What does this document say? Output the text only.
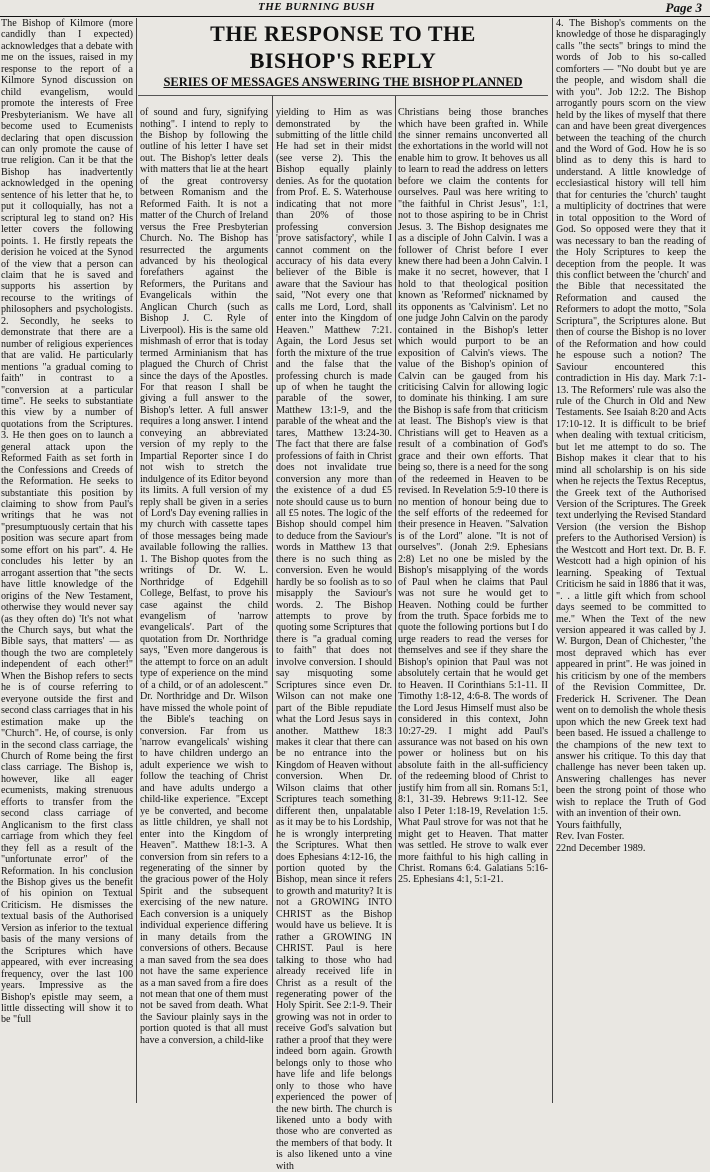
THE BURNING BUSH	Page 3

The Bishop of Kilmore (more candidly than I expected) acknowledges that a debate with me on the issues, raised in my response to the report of a Kilmore Synod discussion on child evangelism, would promote the interests of Free Presbyterianism. We have all become used to Ecumenists declaring that open discussion can only promote the cause of true religion. Can it be that the Bishop has inadvertently acknowledged in the opening sentence of his letter that he, to put it colloquially, has not a scriptural leg to stand on? His letter covers the following points. 1. He firstly repeats the derision he voiced at the Synod of the view that a person can claim that he is saved and supports his assertion by recourse to the writings of philosophers and psychologists. 2. Secondly, he seeks to demonstrate that there are a number of religious experiences that are valid. He particularly mentions "a gradual coming to faith" in contrast to a "conversion at a particular time". He seeks to substantiate this view by a number of quotations from the Scriptures. 3. He then goes on to launch a general attack upon the Reformed Faith as set forth in the Confessions and Creeds of the Reformation. He seeks to substantiate this position by claiming to show from Paul's writings that he was not "presumptuously certain that his position was secure apart from some effort on his part". 4. He concludes his letter by an arrogant assertion that "the sects have little knowledge of the origins of the New Testament, otherwise they would never say (as they often do) 'It's not what the Church says, but what the Bible says, that matters' — as though the two are completely independent of each other!" When the Bishop refers to sects he is of course referring to everyone outside the first and second class carriages that in his estimation make up the "Church". He, of course, is only in the second class carriage, the Church of Rome being the first class carriage. The Bishop is, however, like all eager ecumenists, making strenuous efforts to transfer from the second class carriage of Anglicanism to the first class carriage from which they feel they fell as a result of the "unfortunate error" of the Reformation. In his conclusion the Bishop gives us the benefit of his opinion on Textual Criticism. He dismisses the textual basis of the Authorised Version as inferior to the textual basis of the many versions of the Scriptures which have appeared, with ever increasing frequency, over the last 100 years. Impressive as the Bishop's epistle may seem, a little dissecting will show it to be "full

THE RESPONSE TO THE
BISHOP'S REPLY
SERIES OF MESSAGES ANSWERING THE BISHOP PLANNED

of sound and fury, signifying nothing". I intend to reply to the Bishop by following the outline of his letter I have set out. The Bishop's letter deals with matters that lie at the heart of the great controversy between Romanism and the Reformed Faith. It is not a matter of the Church of Ireland versus the Free Presbyterian Church. No. The Bishop has resurrected the arguments advanced by his theological forefathers against the Reformers, the Puritans and Evangelicals within the Anglican Church (such as Bishop J. C. Ryle of Liverpool). His is the same old mishmash of error that is today termed Arminianism that has plagued the Church of Christ since the days of the Apostles. For that reason I shall be giving a full answer to the Bishop's letter. A full answer requires a long answer. I intend conveying an abbreviated version of my reply to the Impartial Reporter since I do not wish to stretch the indulgence of its Editor beyond its limits. A full version of my reply shall be given in a series of Lord's Day evening rallies in my church with cassette tapes of those messages being made available following the rallies. 1. The Bishop quotes from the writings of Dr. W. L. Northridge of Edgehill College, Belfast, to prove his case against the child evangelism of 'narrow evangelicals'. Part of the quotation from Dr. Northridge says, "Even more dangerous is the attempt to force on an adult type of experience on the mind of a child, or of an adolescent." Dr. Northridge and Dr. Wilson have missed the whole point of the Bible's teaching on conversion. Far from us 'narrow evangelicals' wishing to have children undergo an adult experience we wish to follow the teaching of Christ and have adults undergo a child-like experience. "Except ye be converted, and become as little children, ye shall not enter into the Kingdom of Heaven". Matthew 18:1-3. A conversion from sin refers to a regenerating of the sinner by the gracious power of the Holy Spirit and the subsequent exercising of the new nature. Each conversion is a uniquely individual experience differing in many details from the conversions of others. Because a man saved from the sea does not have the same experience as a man saved from a fire does not mean that one of them must not be saved from death. What the Saviour plainly says in the portion quoted is that all must have a conversion, a child-like

yielding to Him as was demonstrated by the submitting of the little child He had set in their midst (see verse 2). This the Bishop equally plainly denies. As for the quotation from Prof. E. S. Waterhouse indicating that not more than 20% of those professing conversion 'prove satisfactory', while I cannot comment on the accuracy of his data every believer of the Bible is aware that the Saviour has said, "Not every one that calls me Lord, Lord, shall enter into the Kingdom of Heaven." Matthew 7:21. Again, the Lord Jesus set forth the mixture of the true and the false that the professing church is made up of when he taught the parable of the sower, Matthew 13:1-9, and the parable of the wheat and the tares, Matthew 13:24-30. The fact that there are false professions of faith in Christ does not invalidate true conversion any more than the existence of a dud £5 note should cause us to burn all £5 notes. The logic of the Bishop should compel him to deduce from the Saviour's words in Matthew 13 that there is no such thing as conversion. Even he would hardly be so foolish as to so misapply the Saviour's words. 2. The Bishop attempts to prove by quoting some Scriptures that there is "a gradual coming to faith" that does not involve conversion. I should say misquoting some Scriptures since even Dr. Wilson can not make one part of the Bible repudiate what the Lord Jesus says in another. Matthew 18:3 makes it clear that there can be no entrance into the Kingdom of Heaven without conversion. When Dr. Wilson claims that other Scriptures teach something different then, unpalatable as it may be to his Lordship, he is wrongly interpreting the Scriptures. What then does Ephesians 4:12-16, the portion quoted by the Bishop, mean since it refers to growth and maturity? It is not a GROWING INTO CHRIST as the Bishop would have us believe. It is rather a GROWING IN CHRIST. Paul is here talking to those who had already received life in Christ as a result of the regenerating power of the Holy Spirit. See 2:1-9. Their growing was not in order to receive God's salvation but rather a proof that they were indeed born again. Growth belongs only to those who have life and life belongs only to those who have experienced the power of the new birth. The church is likened unto a body with those who are converted as the members of that body. It is also likened unto a vine with

Christians being those branches which have been grafted in. While the sinner remains unconverted all the exhortations in the world will not enable him to grow. It behoves us all to learn to read the address on letters before we claim the contents for ourselves. Paul was here writing to "the faithful in Christ Jesus", 1:1, not to those aspiring to be in Christ Jesus. 3. The Bishop designates me as a disciple of John Calvin. I was a follower of Christ before I ever knew there had been a John Calvin. I make it no secret, however, that I hold to that theological position known as 'Reformed' nicknamed by its opponents as 'Calvinism'. Let no one judge John Calvin on the parody contained in the Bishop's letter which would purport to be an exposition of Calvin's views. The value of the Bishop's opinion of Calvin can be gauged from his criticising Calvin for allowing logic to dominate his thinking. I am sure the Bishop is safe from that criticism at least. The Bishop's view is that Christians will get to Heaven as a result of a combination of God's grace and their own efforts. That being so, there is a need for the song of the redeemed in Heaven to be revised. In Revelation 5:9-10 there is no mention of honour being due to the self efforts of the redeemed for their presence in Heaven. "Salvation is of the Lord" alone. "It is not of ourselves". (Jonah 2:9. Ephesians 2:8) Let no one be misled by the Bishop's misapplying of the words of Paul when he claims that Paul was not sure he would get to Heaven. Nothing could be further from the truth. Space forbids me to quote the following portions but I do urge readers to read the verses for themselves and see if they share the Bishop's opinion that Paul was not absolutely certain that he would get to Heaven. II Corinthians 5:1-11. II Timothy 1:8-12, 4:6-8. The words of the Lord Jesus Himself must also be considered in this context, John 10:27-29. I might add Paul's assurance was not based on his own power or holiness but on his absolute faith in the all-sufficiency of the redeeming blood of Christ to justify him from all sin. Romans 5:1, 8:1, 31-39. Hebrews 9:11-12. See also I Peter 1:18-19, Revelation 1:5. What Paul strove for was not that he might get to Heaven. That matter was settled. He strove to walk ever more faithful to his high calling in Christ. Romans 6:4. Galatians 5:16-25. Ephesians 4:1, 5:1-21.

4. The Bishop's comments on the knowledge of those he disparagingly calls "the sects" brings to mind the words of Job to his so-called comforters — "No doubt but ye are the people, and wisdom shall die with you". Job 12:2. The Bishop arrogantly pours scorn on the view held by the likes of myself that there can and have been great divergences between the teaching of the church and the Word of God. How he is so blind as to deny this is hard to understand. A little knowledge of ecclesiastical history will tell him that for centuries the 'church' taught a multiplicity of doctrines that were in total opposition to the Word of God. So opposed were they that it was necessary to ban the reading of the Holy Scriptures to keep the deception from the people. It was this conflict between the 'church' and the Bible that necessitated the Reformation and caused the Reformers to adopt the motto, "Sola Scriptura", the Scriptures alone. But then of course the Bishop is no lover of the Reformation and how could he espouse such a notion? The Saviour encountered this contradiction in His day. Mark 7:1-13. The Reformers' rule was also the rule of the Church in Old and New Testaments. See Isaiah 8:20 and Acts 17:10-12. It is difficult to be brief when dealing with textual criticism, but let me attempt to do so. The Bishop makes it clear that to his mind all scholarship is on his side when he rejects the Textus Receptus, the Greek text of the Authorised Version of the Scriptures. The Greek text underlying the Revised Standard Version (the version the Bishop prefers to the Authorised Version) is the Westcott and Hort text. Dr. B. F. Westcott had a high opinion of his learning. Speaking of Textual Criticism he said in 1886 that it was, ". . a little gift which from school days seemed to be committed to me." When the Text of the new version appeared it was called by J. W. Burgon, Dean of Chichester, "the most depraved which has ever appeared in print". He was joined in his criticism by one of the members of the Revision Committee, Dr. Frederick H. Scrivener. The Dean went on to demolish the whole thesis upon which the new Greek text had been based. He issued a challenge to the champions of the new text to answer his critique. To this day that challenge has never been taken up. Answering challenges has never been the strong point of those who wish to replace the Truth of God with an invention of their own.

Yours faithfully,

Rev. Ivan Foster.

22nd December 1989.
